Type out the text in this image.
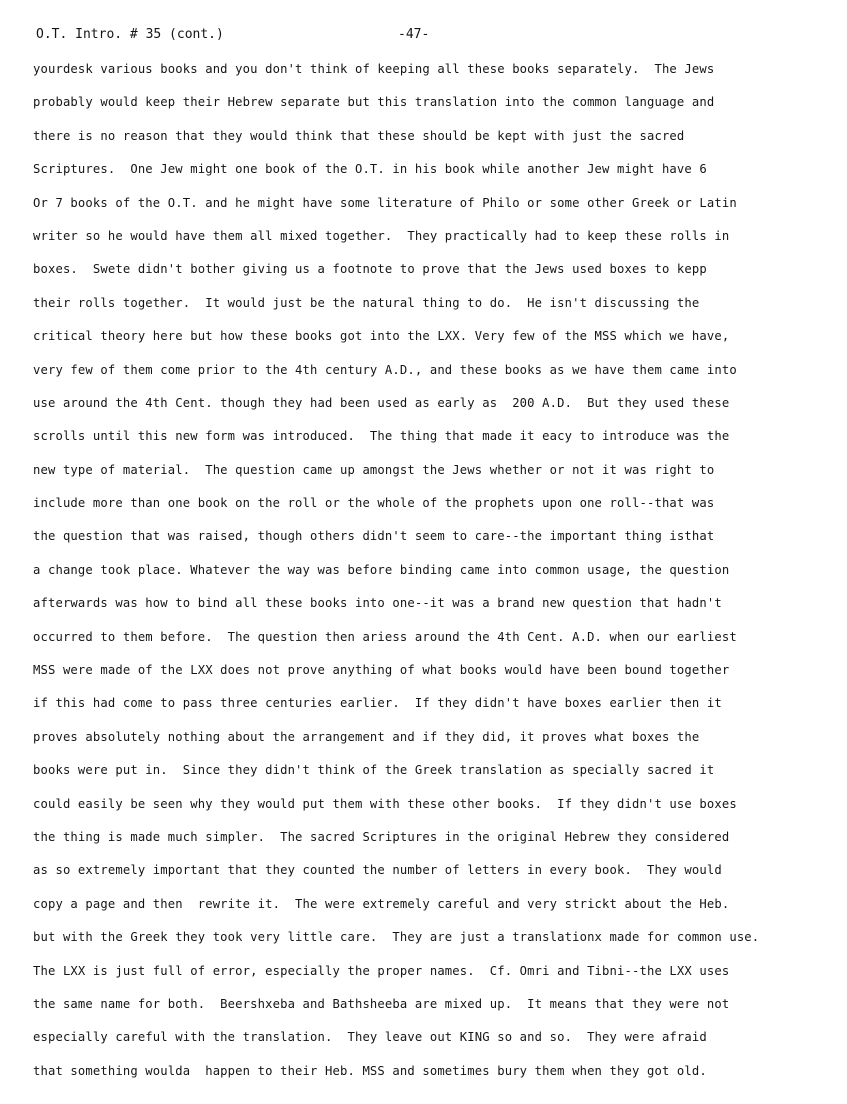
O.T. Intro. # 35 (cont.)	-47-
yourdesk various books and you don't think of keeping all these books separately.  The Jews
probably would keep their Hebrew separate but this translation into the common language and
there is no reason that they would think that these should be kept with just the sacred
Scriptures.  One Jew might one book of the O.T. in his book while another Jew might have 6
Or 7 books of the O.T. and he might have some literature of Philo or some other Greek or Latin
writer so he would have them all mixed together.  They practically had to keep these rolls in
boxes.  Swete didn't bother giving us a footnote to prove that the Jews used boxes to kepp
their rolls together.  It would just be the natural thing to do.  He isn't discussing the
critical theory here but how these books got into the LXX. Very few of the MSS which we have,
very few of them come prior to the 4th century A.D., and these books as we have them came into
use around the 4th Cent. though they had been used as early as  200 A.D.  But they used these
scrolls until this new form was introduced.  The thing that made it eacy to introduce was the
new type of material.  The question came up amongst the Jews whether or not it was right to
include more than one book on the roll or the whole of the prophets upon one roll--that was
the question that was raised, though others didn't seem to care--the important thing isthat
a change took place. Whatever the way was before binding came into common usage, the question
afterwards was how to bind all these books into one--it was a brand new question that hadn't
occurred to them before.  The question then ariess around the 4th Cent. A.D. when our earliest
MSS were made of the LXX does not prove anything of what books would have been bound together
if this had come to pass three centuries earlier.  If they didn't have boxes earlier then it
proves absolutely nothing about the arrangement and if they did, it proves what boxes the
books were put in.  Since they didn't think of the Greek translation as specially sacred it
could easily be seen why they would put them with these other books.  If they didn't use boxes
the thing is made much simpler.  The sacred Scriptures in the original Hebrew they considered
as so extremely important that they counted the number of letters in every book.  They would
copy a page and then  rewrite it.  The were extremely careful and very strickt about the Heb.
but with the Greek they took very little care.  They are just a translationx made for common use.
The LXX is just full of error, especially the proper names.  Cf. Omri and Tibni--the LXX uses
the same name for both.  Beershxeba and Bathsheeba are mixed up.  It means that they were not
especially careful with the translation.  They leave out KING so and so.  They were afraid
that something woulda  happen to their Heb. MSS and sometimes bury them when they got old.
